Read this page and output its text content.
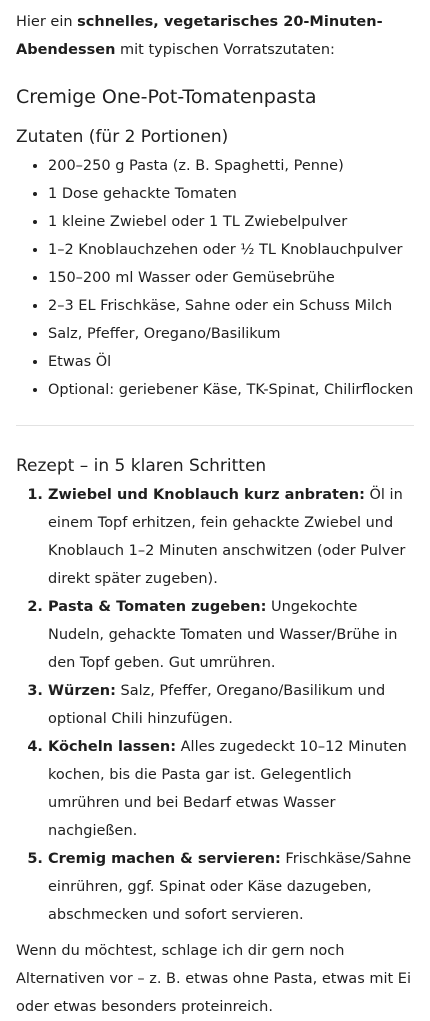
Hier ein schnelles, vegetarisches 20-Minuten-Abendessen mit typischen Vorratszutaten:

Cremige One-Pot-Tomatenpasta
Zutaten (für 2 Portionen)
• 200–250 g Pasta (z. B. Spaghetti, Penne)
• 1 Dose gehackte Tomaten
• 1 kleine Zwiebel oder 1 TL Zwiebelpulver
• 1–2 Knoblauchzehen oder ½ TL Knoblauchpulver
• 150–200 ml Wasser oder Gemüsebrühe
• 2–3 EL Frischkäse, Sahne oder ein Schuss Milch
• Salz, Pfeffer, Oregano/Basilikum
• Etwas Öl
• Optional: geriebener Käse, TK-Spinat, Chilirflocken
Rezept – in 5 klaren Schritten
1. Zwiebel und Knoblauch kurz anbraten: Öl in einem Topf erhitzen, fein gehackte Zwiebel und Knoblauch 1–2 Minuten anschwitzen (oder Pulver direkt später zugeben).
2. Pasta & Tomaten zugeben: Ungekochte Nudeln, gehackte Tomaten und Wasser/Brühe in den Topf geben. Gut umrühren.
3. Würzen: Salz, Pfeffer, Oregano/Basilikum und optional Chili hinzufügen.
4. Köcheln lassen: Alles zugedeckt 10–12 Minuten kochen, bis die Pasta gar ist. Gelegentlich umrühren und bei Bedarf etwas Wasser nachgießen.
5. Cremig machen & servieren: Frischkäse/Sahne einrühren, ggf. Spinat oder Käse dazugeben, abschmecken und sofort servieren.

Wenn du möchtest, schlage ich dir gern noch Alternativen vor – z. B. etwas ohne Pasta, etwas mit Ei oder etwas besonders proteinreich.
